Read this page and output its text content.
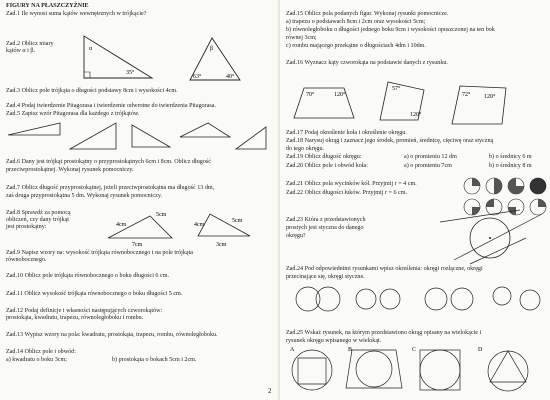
FIGURY NA PŁASZCZYŹNIE
Zad.1 Ile wynosi suma kątów wewnętrznych w trójkącie?
Zad.2 Oblicz miary
kątów α i β.	α
35°
β
63°	40°
Zad.3 Oblicz pole trójkąta o długości podstawy 8cm i wysokości 4cm.
Zad.4 Podaj twierdzenie Pitagorasa i twierdzenie odwrotne do twierdzenia Pitagorasa.
Zad.5 Zapisz wzór Pitagorasa dla każdego z trójkątów.
Zad.6 Dany jest trójkąt prostokątny o przyprostokątnych 6cm i 8cm. Oblicz długość
przeciwprostokątnej. Wykonaj rysunek pomocniczy.
Zad.7 Oblicz długość przyprostokątnej, jeżeli przeciwprostokątna ma długość 13 dm,
zaś druga przyprostokątna 5 dm. Wykonaj rysunek pomocniczy.
Zad.8 Sprawdź za pomocą
obliczeń, czy dany trójkąt
jest prostokątny:
5cm
4cm
7cm
4cm
5cm
3cm
Zad.9 Napisz wzory na: wysokość trójkąta równobocznego i na pole trójkąta
równobocznego.
Zad.10 Oblicz pole trójkąta równobocznego o boku długości 6 cm.
Zad.11 Oblicz wysokość trójkąta równobocznego o boku długości 5 cm.
Zad.12 Podaj definicje i własności następujących czworokątów:
prostokąta, kwadratu, trapezu, równoległoboku i rombu.
Zad.13 Wypisz wzory na pola: kwadratu, prostokąta, trapezu, rombu, równoległoboku.
Zad.14 Oblicz pole i obwód:
a) kwadratu o boku 3cm;	b) prostokąta o bokach 5cm i 2cm.
Zad.15 Oblicz pola podanych figur. Wykonaj rysunki pomocnicze.
a) trapezu o podstawach 8cm i 2cm oraz wysokości 5cm;
b) równoległoboku o długości jednego boku 9cm i wysokości opuszczonej na ten bok
równej 3cm;
c) rombu mającego przekątne o długościach 4dm i 10dm.
Zad.16 Wyznacz kąty czworokąta na podstawie danych z rysunku.
70°	120°
57°
120°
72° 120°
Zad.17 Podaj określenie koła i określenie okręgu.
Zad.18 Narysuj okrąg i zaznacz jego środek, promień, średnicę, cięciwę oraz styczną
do tego okręgu.
Zad.19 Oblicz długość okręgu:	a) o promieniu 12 dm	b) o średnicy 6 m
Zad.20 Oblicz pole i obwód koła:	a) o promieniu 7cm	b) o średnicy 8 m
Zad.21 Oblicz pola wycinków kół. Przyjmij r = 4 cm.
Zad.22 Oblicz długości łuków. Przyjmij r = 6 cm.
Zad.23 Która z przedstawionych
prostych jest styczna do danego
okręgu?
Zad.24 Pod odpowiednimi rysunkami wpisz określenia: okręgi rozłączne, okręgi
przecinające się, okręgi styczne.
Zad.25 Wskaż rysunek, na którym przedstawiono okrąg opisany na wielokącie i
rysunek okręgu wpisanego w wielokąt.
A	B	C	D
2
